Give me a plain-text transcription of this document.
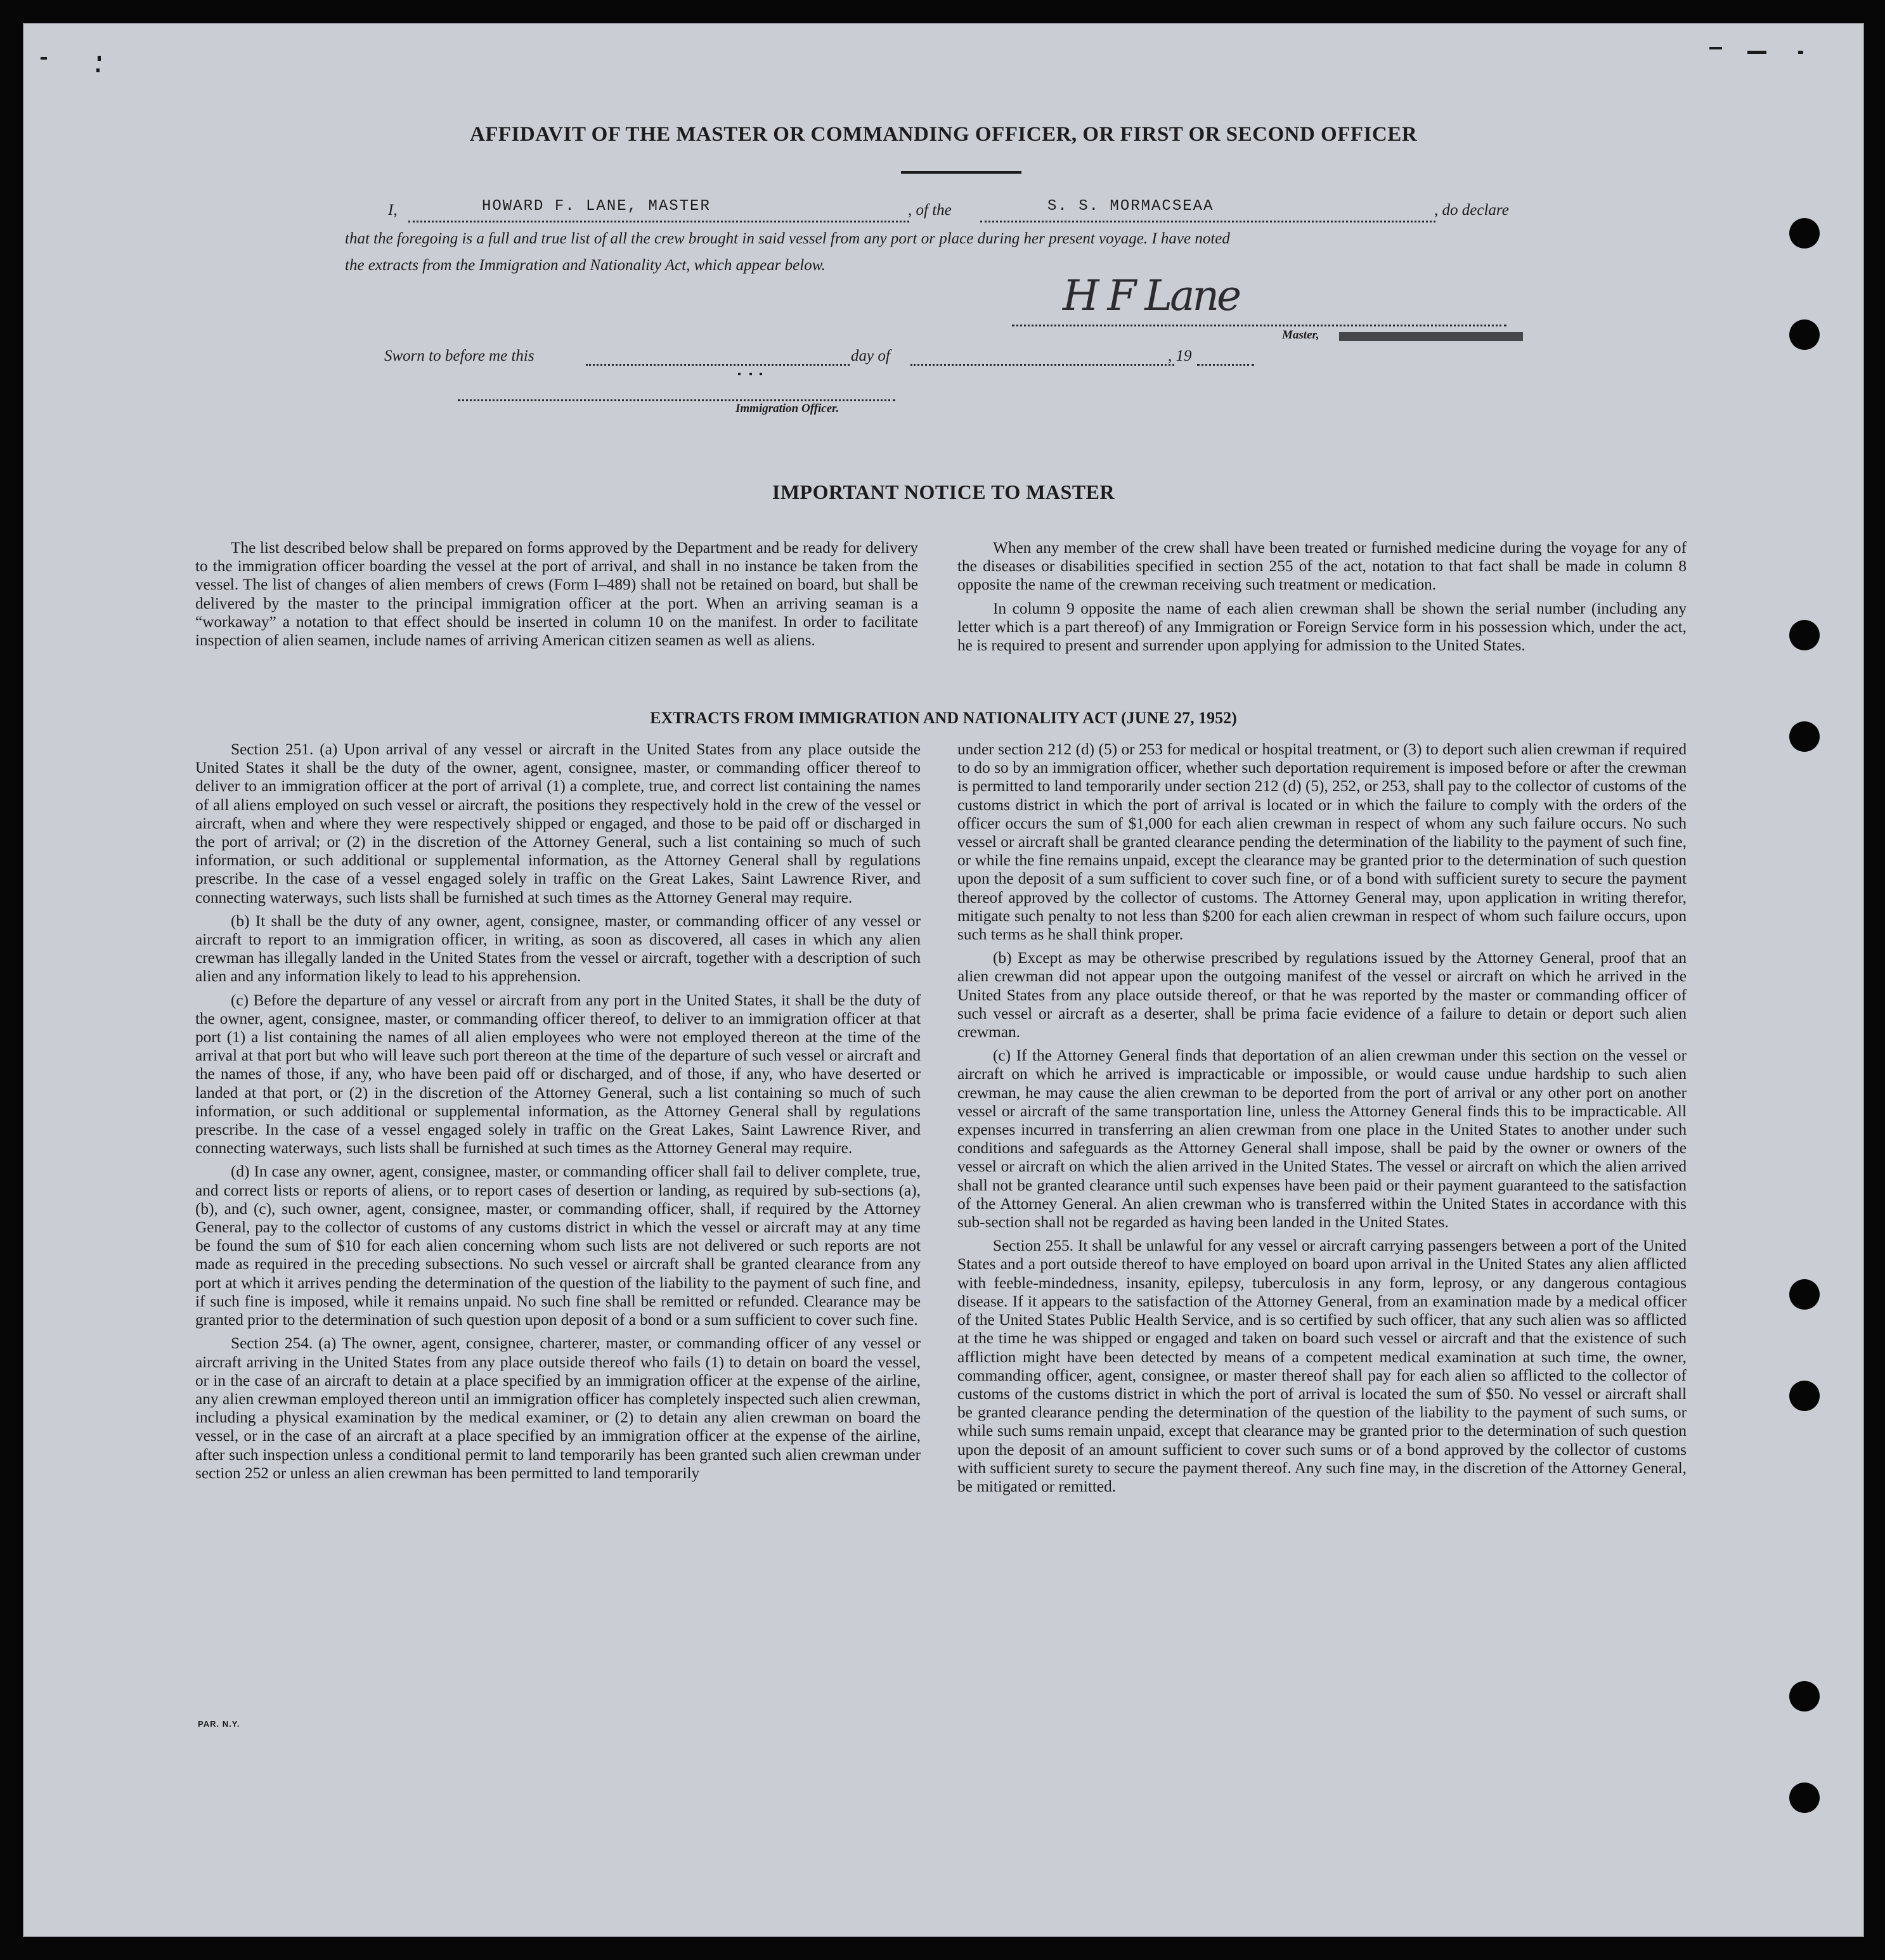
AFFIDAVIT OF THE MASTER OR COMMANDING OFFICER, OR FIRST OR SECOND OFFICER
I,	HOWARD F. LANE, MASTER	, of the	S. S. MORMACSEAA	, do declare
that the foregoing is a full and true list of all the crew brought in said vessel from any port or place during her present voyage. I have noted
the extracts from the Immigration and Nationality Act, which appear below.
H F Lane
Master,
Sworn to before me this	day of	, 19
Immigration Officer.
IMPORTANT NOTICE TO MASTER

The list described below shall be prepared on forms approved by the Department and be ready for delivery to the immigration officer boarding the vessel at the port of arrival, and shall in no instance be taken from the vessel. The list of changes of alien members of crews (Form I–489) shall not be retained on board, but shall be delivered by the master to the principal immigration officer at the port. When an arriving seaman is a “workaway” a notation to that effect should be inserted in column 10 on the manifest. In order to facilitate inspection of alien seamen, include names of arriving American citizen seamen as well as aliens.

When any member of the crew shall have been treated or furnished medicine during the voyage for any of the diseases or disabilities specified in section 255 of the act, notation to that fact shall be made in column 8 opposite the name of the crewman receiving such treatment or medication.

In column 9 opposite the name of each alien crewman shall be shown the serial number (including any letter which is a part thereof) of any Immigration or Foreign Service form in his possession which, under the act, he is required to present and surrender upon applying for admission to the United States.

EXTRACTS FROM IMMIGRATION AND NATIONALITY ACT (JUNE 27, 1952)

Section 251. (a) Upon arrival of any vessel or aircraft in the United States from any place outside the United States it shall be the duty of the owner, agent, consignee, master, or commanding officer thereof to deliver to an immigration officer at the port of arrival (1) a complete, true, and correct list containing the names of all aliens employed on such vessel or aircraft, the positions they respectively hold in the crew of the vessel or aircraft, when and where they were respectively shipped or engaged, and those to be paid off or discharged in the port of arrival; or (2) in the discretion of the Attorney General, such a list containing so much of such information, or such additional or supplemental information, as the Attorney General shall by regulations prescribe. In the case of a vessel engaged solely in traffic on the Great Lakes, Saint Lawrence River, and connecting waterways, such lists shall be furnished at such times as the Attorney General may require.

(b) It shall be the duty of any owner, agent, consignee, master, or commanding officer of any vessel or aircraft to report to an immigration officer, in writing, as soon as discovered, all cases in which any alien crewman has illegally landed in the United States from the vessel or aircraft, together with a description of such alien and any information likely to lead to his apprehension.

(c) Before the departure of any vessel or aircraft from any port in the United States, it shall be the duty of the owner, agent, consignee, master, or commanding officer thereof, to deliver to an immigration officer at that port (1) a list containing the names of all alien employees who were not employed thereon at the time of the arrival at that port but who will leave such port thereon at the time of the departure of such vessel or aircraft and the names of those, if any, who have been paid off or discharged, and of those, if any, who have deserted or landed at that port, or (2) in the discretion of the Attorney General, such a list containing so much of such information, or such additional or supplemental information, as the Attorney General shall by regulations prescribe. In the case of a vessel engaged solely in traffic on the Great Lakes, Saint Lawrence River, and connecting waterways, such lists shall be furnished at such times as the Attorney General may require.

(d) In case any owner, agent, consignee, master, or commanding officer shall fail to deliver complete, true, and correct lists or reports of aliens, or to report cases of desertion or landing, as required by sub-sections (a), (b), and (c), such owner, agent, consignee, master, or commanding officer, shall, if required by the Attorney General, pay to the collector of customs of any customs district in which the vessel or aircraft may at any time be found the sum of $10 for each alien concerning whom such lists are not delivered or such reports are not made as required in the preceding subsections. No such vessel or aircraft shall be granted clearance from any port at which it arrives pending the determination of the question of the liability to the payment of such fine, and if such fine is imposed, while it remains unpaid. No such fine shall be remitted or refunded. Clearance may be granted prior to the determination of such question upon deposit of a bond or a sum sufficient to cover such fine.

Section 254. (a) The owner, agent, consignee, charterer, master, or commanding officer of any vessel or aircraft arriving in the United States from any place outside thereof who fails (1) to detain on board the vessel, or in the case of an aircraft to detain at a place specified by an immigration officer at the expense of the airline, any alien crewman employed thereon until an immigration officer has completely inspected such alien crewman, including a physical examination by the medical examiner, or (2) to detain any alien crewman on board the vessel, or in the case of an aircraft at a place specified by an immigration officer at the expense of the airline, after such inspection unless a conditional permit to land temporarily has been granted such alien crewman under section 252 or unless an alien crewman has been permitted to land temporarily

under section 212 (d) (5) or 253 for medical or hospital treatment, or (3) to deport such alien crewman if required to do so by an immigration officer, whether such deportation requirement is imposed before or after the crewman is permitted to land temporarily under section 212 (d) (5), 252, or 253, shall pay to the collector of customs of the customs district in which the port of arrival is located or in which the failure to comply with the orders of the officer occurs the sum of $1,000 for each alien crewman in respect of whom any such failure occurs. No such vessel or aircraft shall be granted clearance pending the determination of the liability to the payment of such fine, or while the fine remains unpaid, except the clearance may be granted prior to the determination of such question upon the deposit of a sum sufficient to cover such fine, or of a bond with sufficient surety to secure the payment thereof approved by the collector of customs. The Attorney General may, upon application in writing therefor, mitigate such penalty to not less than $200 for each alien crewman in respect of whom such failure occurs, upon such terms as he shall think proper.

(b) Except as may be otherwise prescribed by regulations issued by the Attorney General, proof that an alien crewman did not appear upon the outgoing manifest of the vessel or aircraft on which he arrived in the United States from any place outside thereof, or that he was reported by the master or commanding officer of such vessel or aircraft as a deserter, shall be prima facie evidence of a failure to detain or deport such alien crewman.

(c) If the Attorney General finds that deportation of an alien crewman under this section on the vessel or aircraft on which he arrived is impracticable or impossible, or would cause undue hardship to such alien crewman, he may cause the alien crewman to be deported from the port of arrival or any other port on another vessel or aircraft of the same transportation line, unless the Attorney General finds this to be impracticable. All expenses incurred in transferring an alien crewman from one place in the United States to another under such conditions and safeguards as the Attorney General shall impose, shall be paid by the owner or owners of the vessel or aircraft on which the alien arrived in the United States. The vessel or aircraft on which the alien arrived shall not be granted clearance until such expenses have been paid or their payment guaranteed to the satisfaction of the Attorney General. An alien crewman who is transferred within the United States in accordance with this sub-section shall not be regarded as having been landed in the United States.

Section 255. It shall be unlawful for any vessel or aircraft carrying passengers between a port of the United States and a port outside thereof to have employed on board upon arrival in the United States any alien afflicted with feeble-mindedness, insanity, epilepsy, tuberculosis in any form, leprosy, or any dangerous contagious disease. If it appears to the satisfaction of the Attorney General, from an examination made by a medical officer of the United States Public Health Service, and is so certified by such officer, that any such alien was so afflicted at the time he was shipped or engaged and taken on board such vessel or aircraft and that the existence of such affliction might have been detected by means of a competent medical examination at such time, the owner, commanding officer, agent, consignee, or master thereof shall pay for each alien so afflicted to the collector of customs of the customs district in which the port of arrival is located the sum of $50. No vessel or aircraft shall be granted clearance pending the determination of the question of the liability to the payment of such sums, or while such sums remain unpaid, except that clearance may be granted prior to the determination of such question upon the deposit of an amount sufficient to cover such sums or of a bond approved by the collector of customs with sufficient surety to secure the payment thereof. Any such fine may, in the discretion of the Attorney General, be mitigated or remitted.

PAR. N.Y.
